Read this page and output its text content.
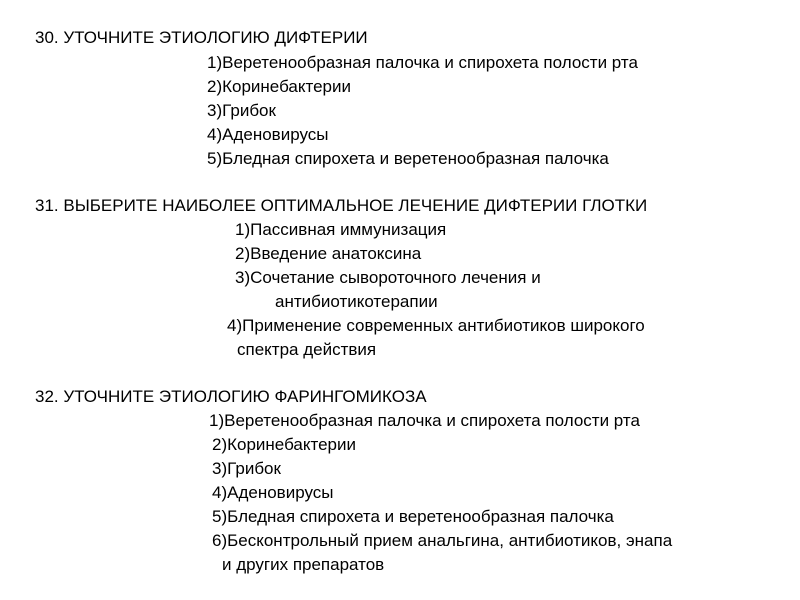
30. УТОЧНИТЕ ЭТИОЛОГИЮ ДИФТЕРИИ

1)Веретенообразная палочка и спирохета полости рта

2)Коринебактерии

3)Грибок

4)Аденовирусы

5)Бледная спирохета и веретенообразная палочка

31. ВЫБЕРИТЕ НАИБОЛЕЕ ОПТИМАЛЬНОЕ ЛЕЧЕНИЕ ДИФТЕРИИ ГЛОТКИ

1)Пассивная иммунизация

2)Введение анатоксина

3)Сочетание сывороточного лечения и

антибиотикотерапии

4)Применение современных антибиотиков широкого

спектра действия

32. УТОЧНИТЕ ЭТИОЛОГИЮ ФАРИНГОМИКОЗА

1)Веретенообразная палочка и спирохета полости рта

2)Коринебактерии

3)Грибок

4)Аденовирусы

5)Бледная спирохета и веретенообразная палочка

6)Бесконтрольный прием анальгина, антибиотиков, энапа

и других препаратов
